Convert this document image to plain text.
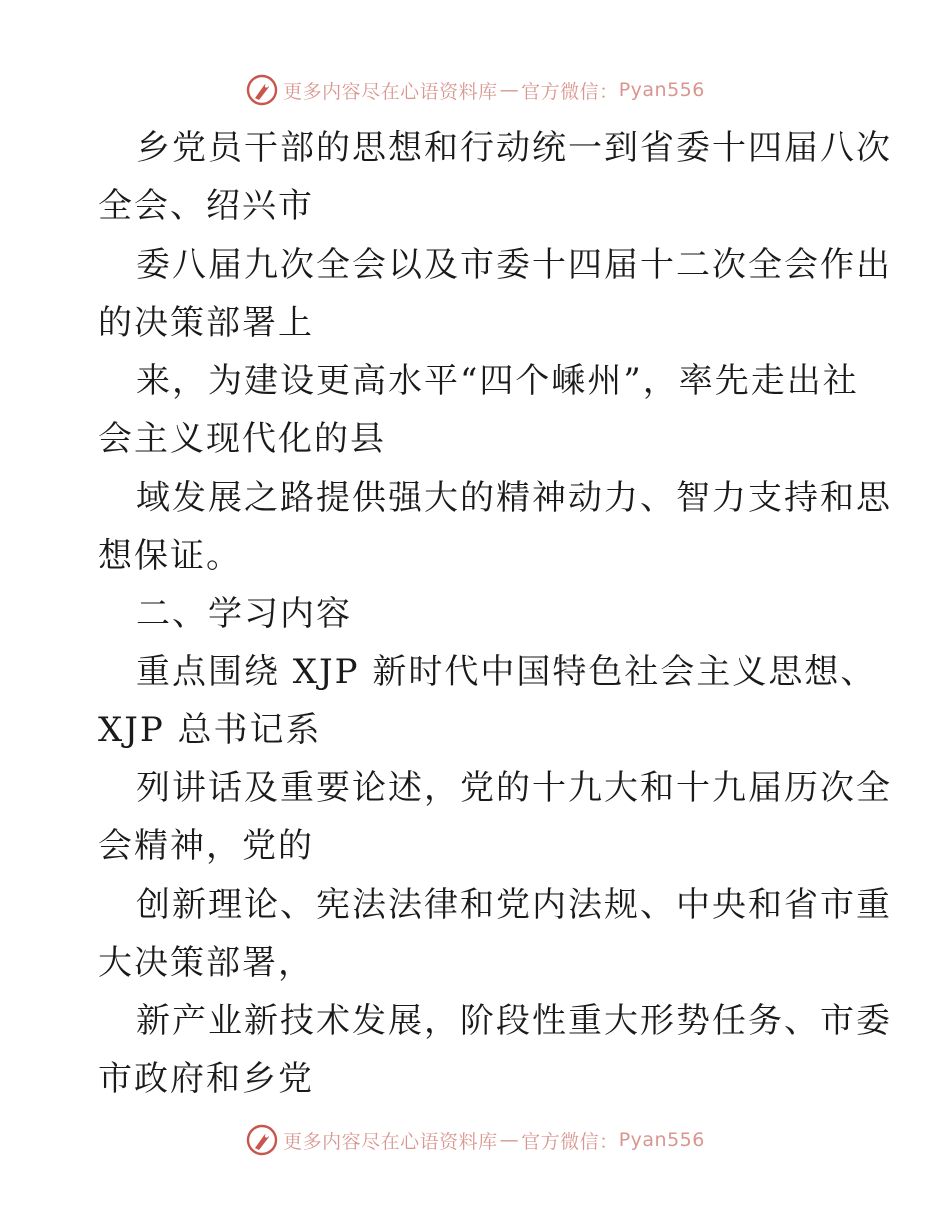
更多内容尽在心语资料库 — 官方微信： Pyan556
乡党员干部的思想和行动统一到省委十四届八次
全会、绍兴市
委八届九次全会以及市委十四届十二次全会作出
的决策部署上
来，为建设更高水平“四个嵊州”，率先走出社
会主义现代化的县
域发展之路提供强大的精神动力、智力支持和思
想保证。
二、学习内容
重点围绕 XJP 新时代中国特色社会主义思想、
XJP 总书记系
列讲话及重要论述，党的十九大和十九届历次全
会精神，党的
创新理论、宪法法律和党内法规、中央和省市重
大决策部署，
新产业新技术发展，阶段性重大形势任务、市委
市政府和乡党
更多内容尽在心语资料库 — 官方微信： Pyan556
